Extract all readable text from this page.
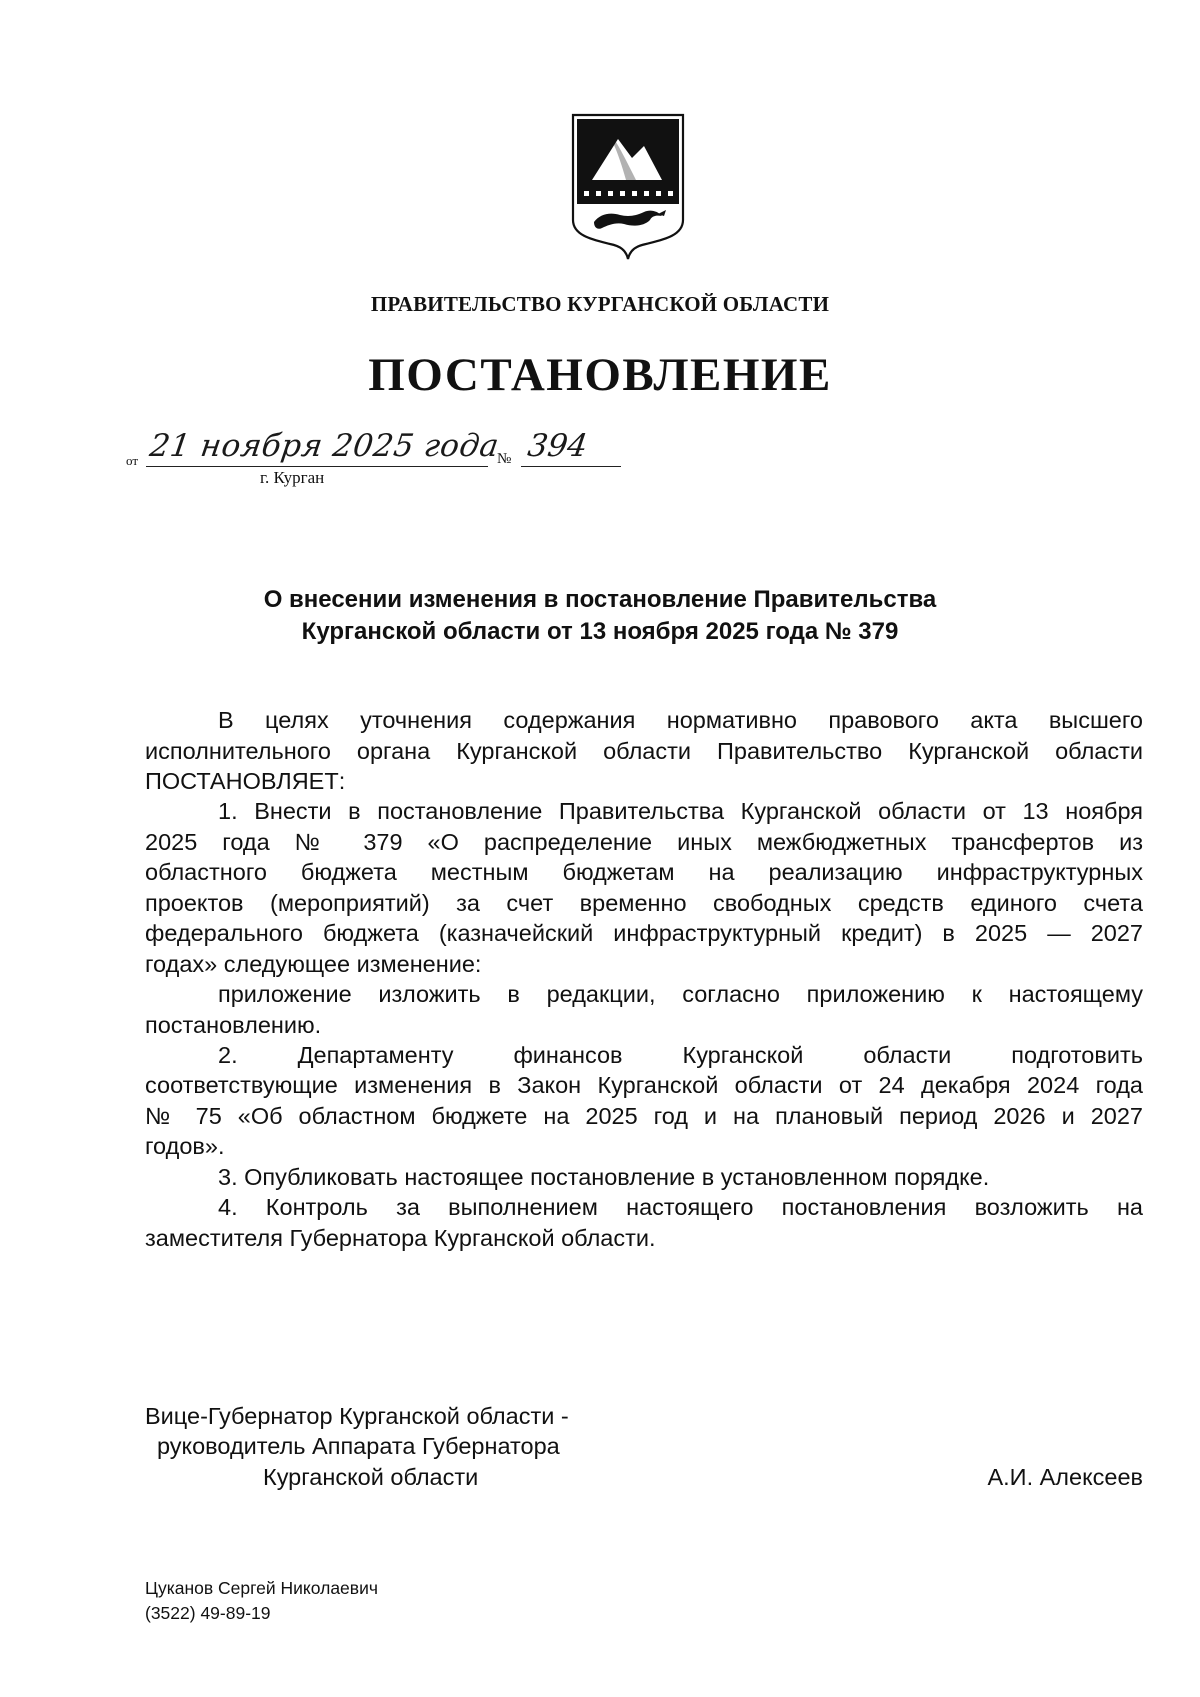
ПРАВИТЕЛЬСТВО КУРГАНСКОЙ ОБЛАСТИ
ПОСТАНОВЛЕНИЕ
от 21 ноября 2025 года
№ 394
г. Курган
О внесении изменения в постановление Правительства
Курганской области от 13 ноября 2025 года № 379
В целях уточнения содержания нормативно правового акта высшего
исполнительного органа Курганской области Правительство Курганской области
ПОСТАНОВЛЯЕТ:
1. Внести в постановление Правительства Курганской области от 13 ноября
2025 года № 379 «О распределение иных межбюджетных трансфертов из
областного бюджета местным бюджетам на реализацию инфраструктурных
проектов (мероприятий) за счет временно свободных средств единого счета
федерального бюджета (казначейский инфраструктурный кредит) в 2025 — 2027
годах» следующее изменение:
приложение изложить в редакции, согласно приложению к настоящему
постановлению.
2. Департаменту финансов Курганской области подготовить
соответствующие изменения в Закон Курганской области от 24 декабря 2024 года
№ 75 «Об областном бюджете на 2025 год и на плановый период 2026 и 2027
годов».
3. Опубликовать настоящее постановление в установленном порядке.
4. Контроль за выполнением настоящего постановления возложить на
заместителя Губернатора Курганской области.
Вице-Губернатор Курганской области -
руководитель Аппарата Губернатора
Курганской области	А.И. Алексеев
Цуканов Сергей Николаевич
(3522) 49-89-19
